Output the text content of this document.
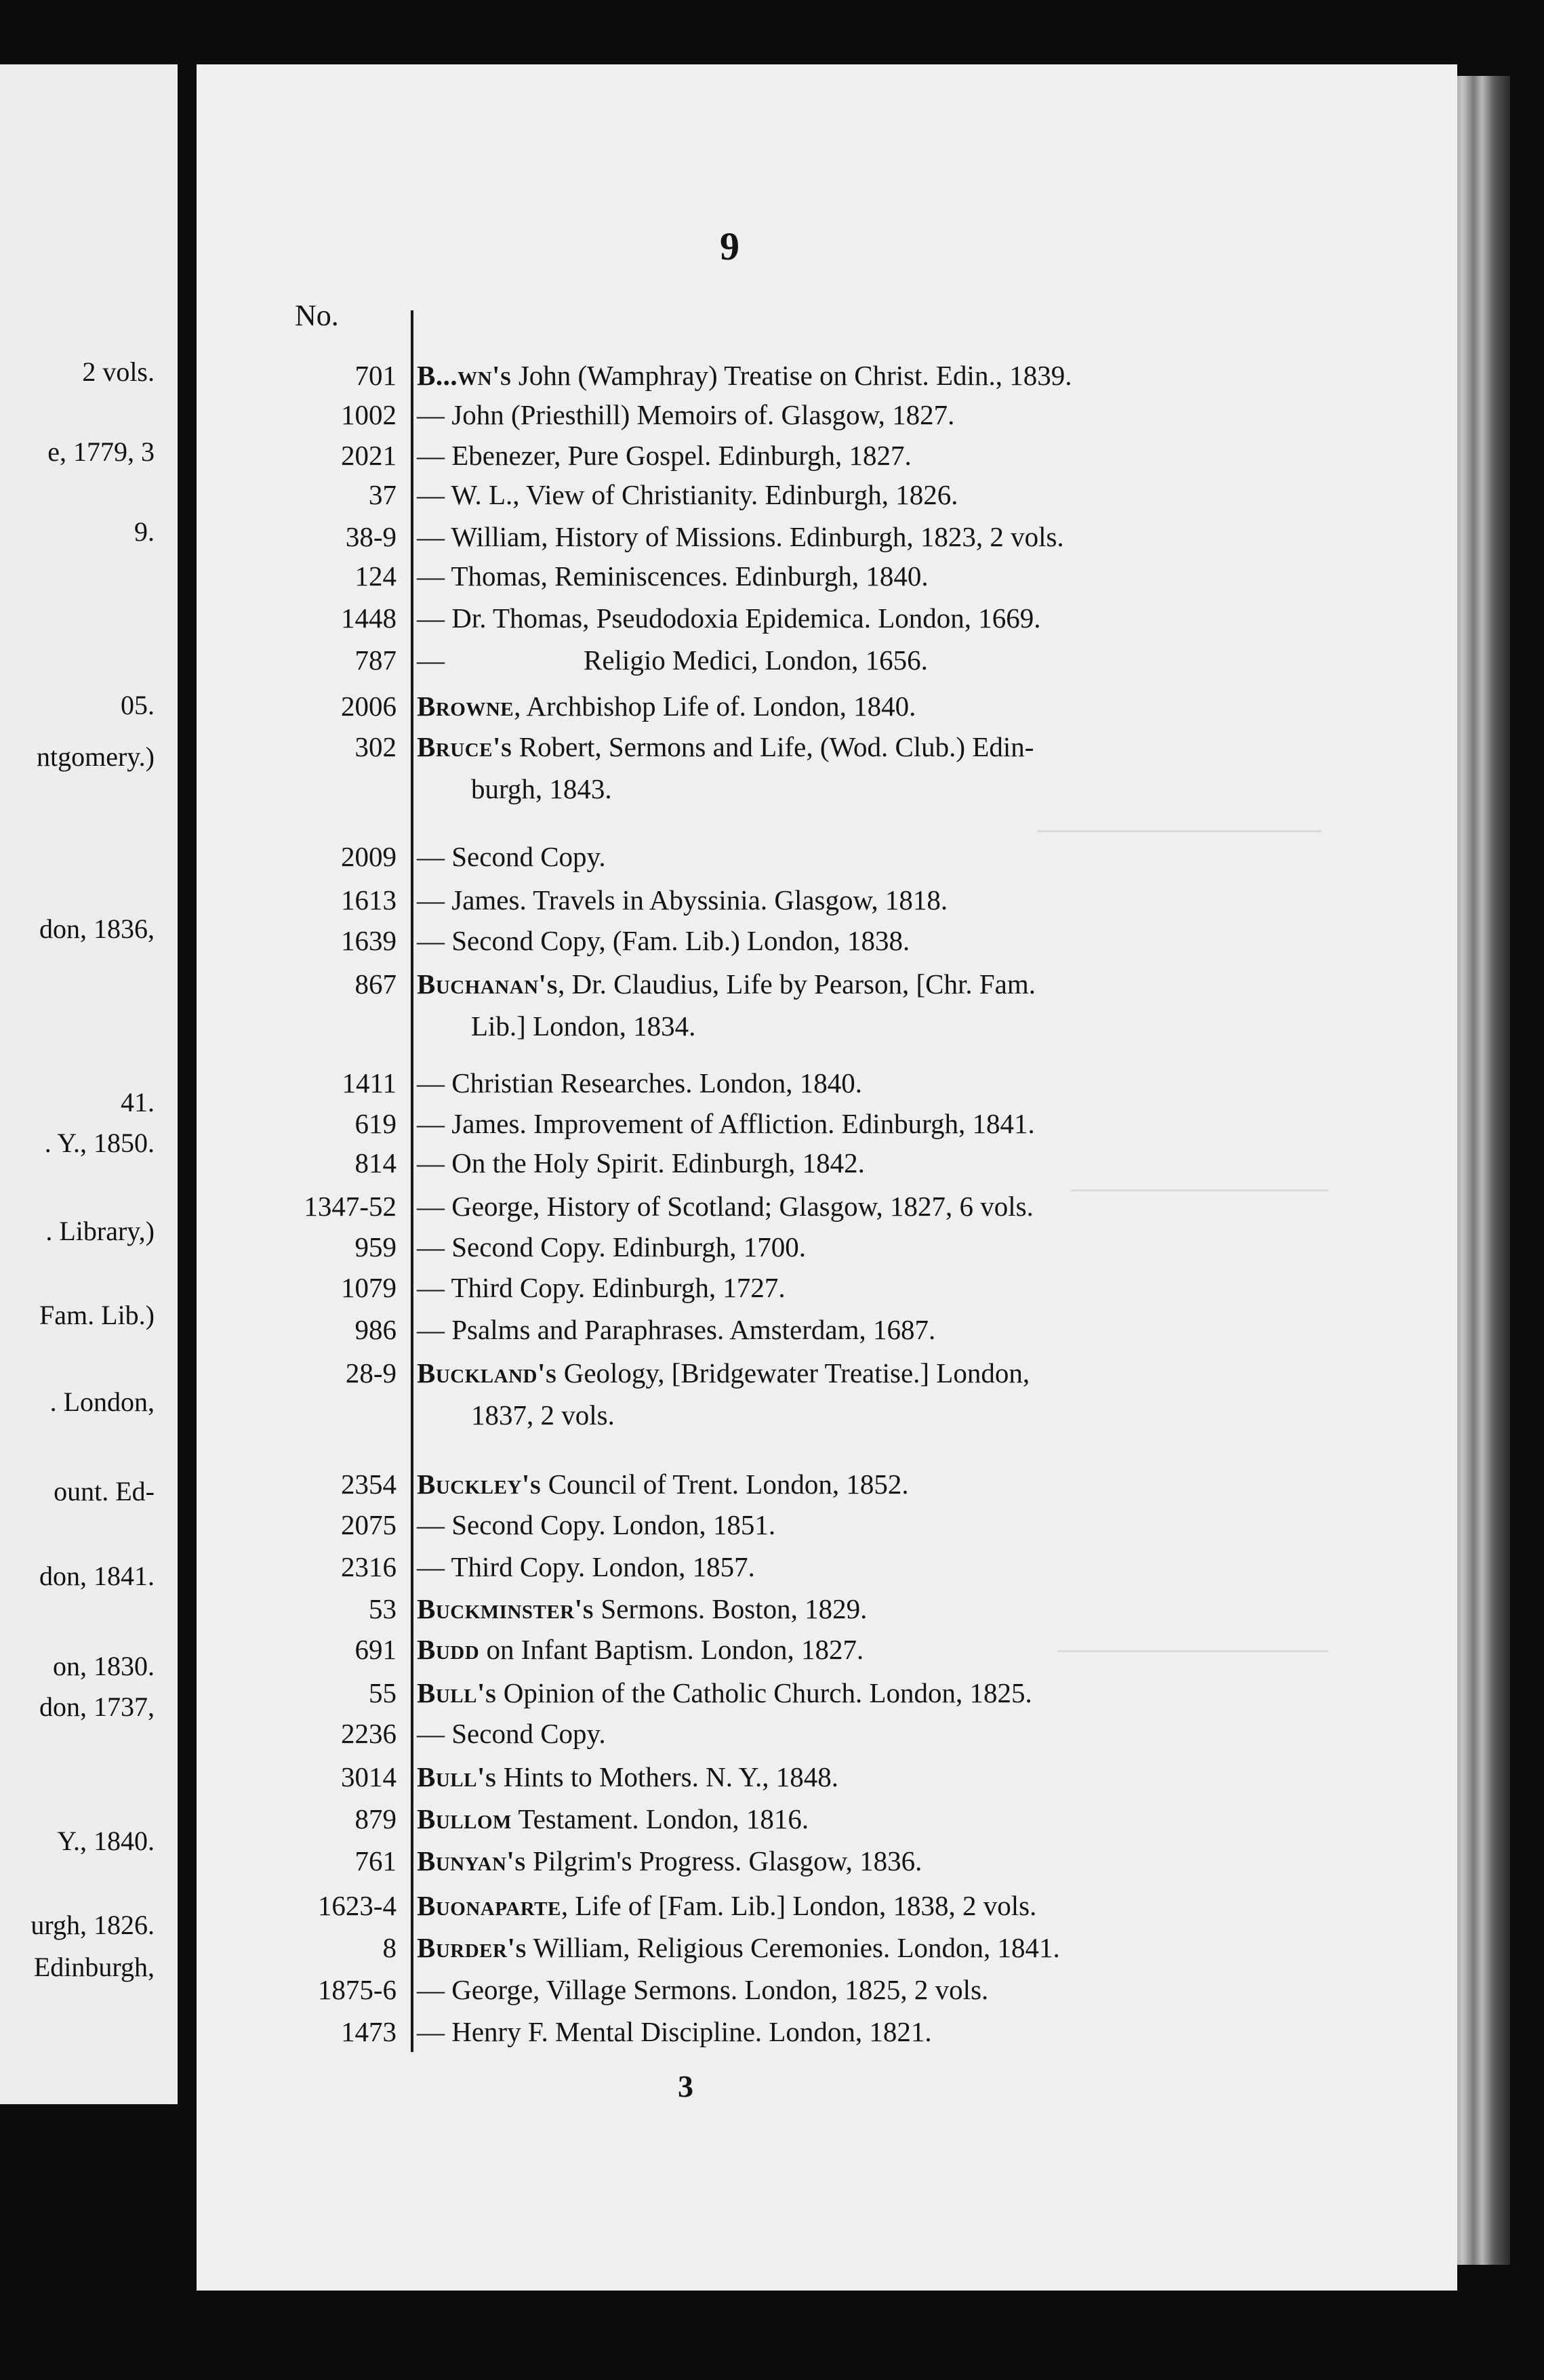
2 vols.
e, 1779, 3
9.
05.
ntgomery.)
don, 1836,
41.
. Y., 1850.
. Library,)
Fam. Lib.)
. London,
ount. Ed-
don, 1841.
on, 1830.
don, 1737,
Y., 1840.
urgh, 1826.
Edinburgh,
9
No.
3
701 B...wn's John (Wamphray) Treatise on Christ. Edin., 1839.
1002 — John (Priesthill) Memoirs of. Glasgow, 1827.
2021 — Ebenezer, Pure Gospel. Edinburgh, 1827.
37 — W. L., View of Christianity. Edinburgh, 1826.
38-9 — William, History of Missions. Edinburgh, 1823, 2 vols.
124 — Thomas, Reminiscences. Edinburgh, 1840.
1448 — Dr. Thomas, Pseudodoxia Epidemica. London, 1669.
787 —                    Religio Medici, London, 1656.
2006 Browne, Archbishop Life of. London, 1840.
302 Bruce's Robert, Sermons and Life, (Wod. Club.) Edin-
burgh, 1843.
2009 — Second Copy.
1613 — James. Travels in Abyssinia. Glasgow, 1818.
1639 — Second Copy, (Fam. Lib.) London, 1838.
867 Buchanan's, Dr. Claudius, Life by Pearson, [Chr. Fam.
Lib.] London, 1834.
1411 — Christian Researches. London, 1840.
619 — James. Improvement of Affliction. Edinburgh, 1841.
814 — On the Holy Spirit. Edinburgh, 1842.
1347-52 — George, History of Scotland; Glasgow, 1827, 6 vols.
959 — Second Copy. Edinburgh, 1700.
1079 — Third Copy. Edinburgh, 1727.
986 — Psalms and Paraphrases. Amsterdam, 1687.
28-9 Buckland's Geology, [Bridgewater Treatise.] London,
1837, 2 vols.
2354 Buckley's Council of Trent. London, 1852.
2075 — Second Copy. London, 1851.
2316 — Third Copy. London, 1857.
53 Buckminster's Sermons. Boston, 1829.
691 Budd on Infant Baptism. London, 1827.
55 Bull's Opinion of the Catholic Church. London, 1825.
2236 — Second Copy.
3014 Bull's Hints to Mothers. N. Y., 1848.
879 Bullom Testament. London, 1816.
761 Bunyan's Pilgrim's Progress. Glasgow, 1836.
1623-4 Buonaparte, Life of [Fam. Lib.] London, 1838, 2 vols.
8 Burder's William, Religious Ceremonies. London, 1841.
1875-6 — George, Village Sermons. London, 1825, 2 vols.
1473 — Henry F. Mental Discipline. London, 1821.
